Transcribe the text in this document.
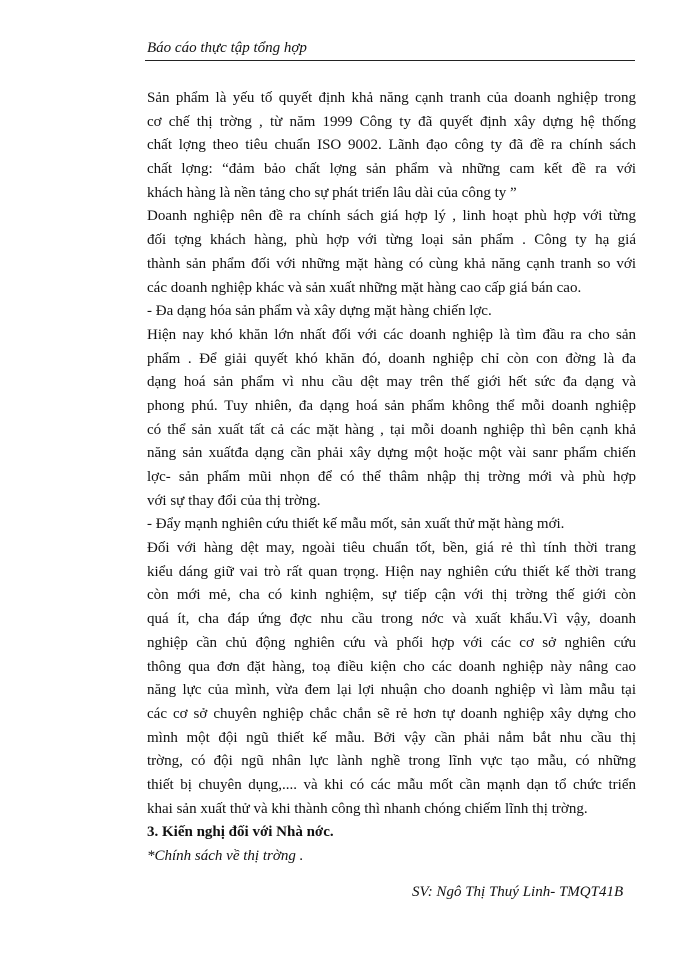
Báo cáo thực tập tổng hợp
Sản phẩm là yếu tố quyết định khả năng cạnh tranh của doanh nghiệp trong
cơ chế thị trờng , từ năm 1999 Công ty đã quyết định xây dựng hệ thống
chất lợng theo tiêu chuẩn ISO 9002. Lãnh đạo công ty đã đề ra chính sách
chất lợng: “đảm bảo chất lợng sản phẩm và những cam kết đề ra với
khách hàng là nền tảng cho sự phát triển lâu dài của công ty ”
Doanh nghiệp nên đề ra chính sách giá hợp lý , linh hoạt phù hợp với từng
đối tợng khách hàng, phù hợp với từng loại sản phẩm . Công ty hạ giá
thành sản phẩm đối với những mặt hàng có cùng khả năng cạnh tranh so với
các doanh nghiệp khác và sản xuất những mặt hàng cao cấp giá bán cao.
- Đa dạng hóa sản phẩm và xây dựng mặt hàng chiến lợc.
Hiện nay khó khăn lớn nhất đối với các doanh nghiệp là tìm đầu ra cho sản
phẩm . Để giải quyết khó khăn đó, doanh nghiệp chỉ còn con đờng là đa
dạng hoá sản phẩm vì nhu cầu dệt may trên thế giới hết sức đa dạng và
phong phú. Tuy nhiên, đa dạng hoá sản phẩm không thể mỗi doanh nghiệp
có thể sản xuất tất cả các mặt hàng , tại mỗi doanh nghiệp thì bên cạnh khả
năng sản xuấtđa dạng cần phải xây dựng một hoặc một vài sanr phẩm chiến
lợc- sản phẩm mũi nhọn để có thể thâm nhập thị trờng mới và phù hợp
với sự thay đổi của thị trờng.
- Đẩy mạnh nghiên cứu thiết kế mẫu mốt, sản xuất thử mặt hàng mới.
Đối với hàng dệt may, ngoài tiêu chuẩn tốt, bền, giá rẻ thì tính thời trang
kiểu dáng giữ vai trò rất quan trọng. Hiện nay nghiên cứu thiết kế thời trang
còn mới mẻ, cha có kinh nghiệm, sự tiếp cận với thị trờng thế giới còn
quá ít, cha đáp ứng đợc nhu cầu trong nớc và xuất khẩu.Vì vậy, doanh
nghiệp cần chủ động nghiên cứu và phối hợp với các cơ sở nghiên cứu
thông qua đơn đặt hàng, toạ điều kiện cho các doanh nghiệp này nâng cao
năng lực của mình, vừa đem lại lợi nhuận cho doanh nghiệp vì làm mẫu tại
các cơ sở chuyên nghiệp chắc chắn sẽ rẻ hơn tự doanh nghiệp xây dựng cho
mình một đội ngũ thiết kế mẫu. Bởi vậy cần phải nắm bắt nhu cầu thị
trờng, có đội ngũ nhân lực lành nghề trong lĩnh vực tạo mẫu, có những
thiết bị chuyên dụng,.... và khi có các mẫu mốt cần mạnh dạn tổ chức triển
khai sản xuất thử và khi thành công thì nhanh chóng chiếm lĩnh thị trờng.
3. Kiến nghị đối với Nhà nớc.
*Chính sách về thị trờng .
SV: Ngô Thị Thuý Linh- TMQT41B
